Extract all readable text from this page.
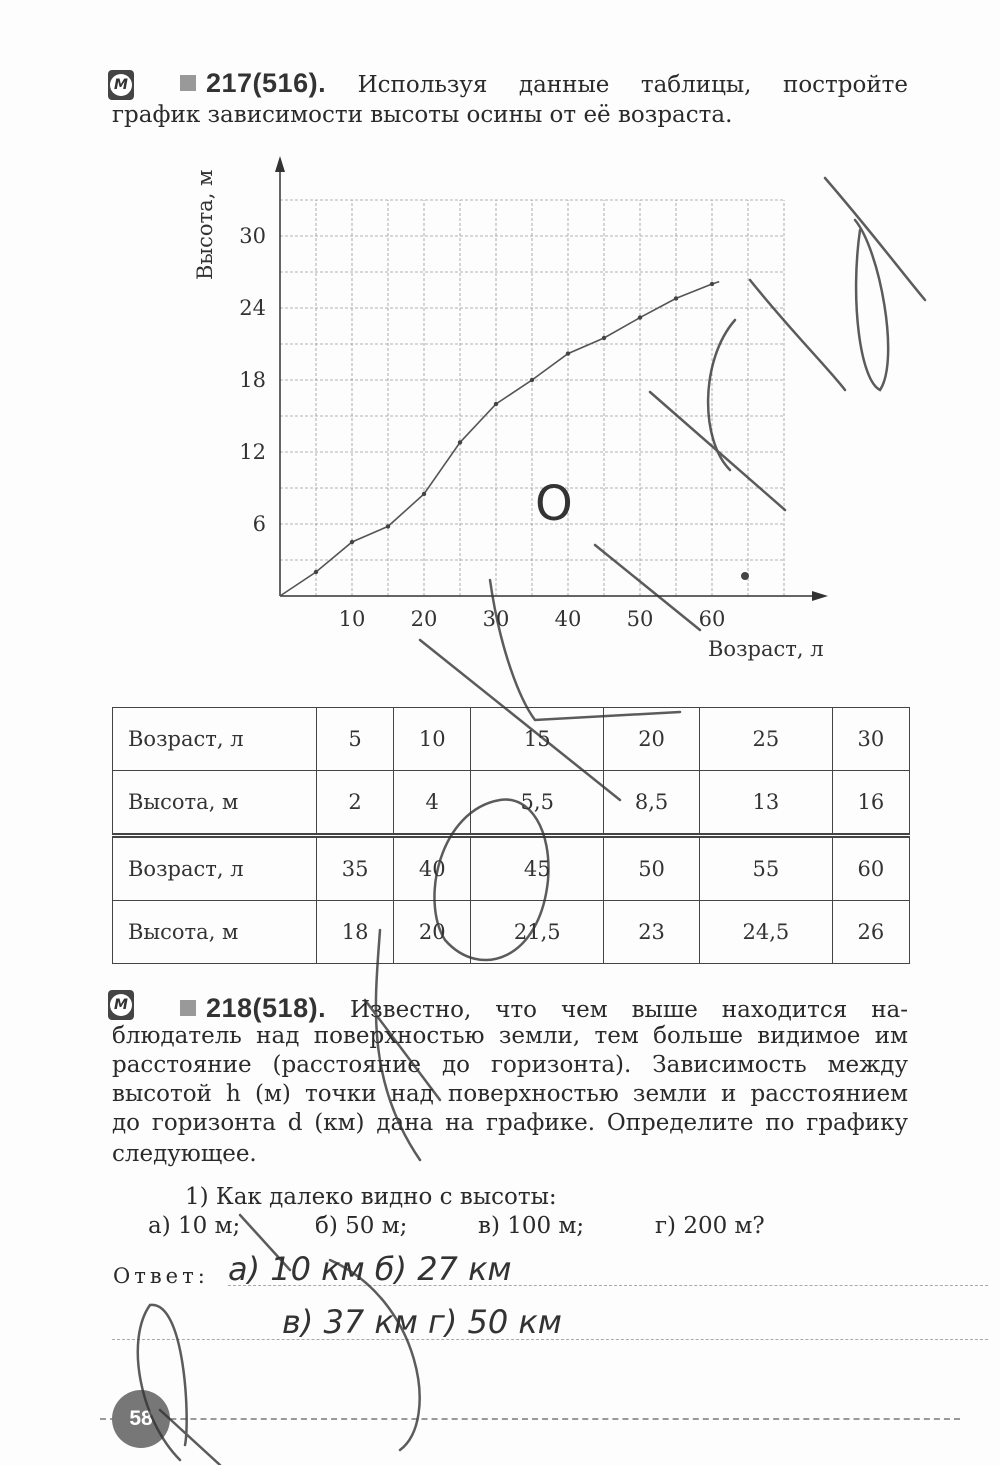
М	217(516). Используя данные таблицы, постройте
график зависимости высоты осины от её возраста.
10 20 30 40 50 60
6
12
18
24
30
Возраст, л
Высота, м
Возраст, л	5	10	15	20	25	30
Высота, м	2	4	5,5	8,5	13	16
Возраст, л	35	40	45	50	55	60
Высота, м	18	20	21,5	23	24,5	26
М	218(518). Известно, что чем выше находится на-
блюдатель над поверхностью земли, тем больше видимое им
расстояние (расстояние до горизонта). Зависимость между
высотой h (м) точки над поверхностью земли и расстоянием
до горизонта d (км) дана на графике. Определите по графику
следующее.
1) Как далеко видно с высоты:
а) 10 м;	б) 50 м;	в) 100 м;	г) 200 м?
Ответ: а) 10 км б) 27 км
в) 37 км г) 50 км
58
О
